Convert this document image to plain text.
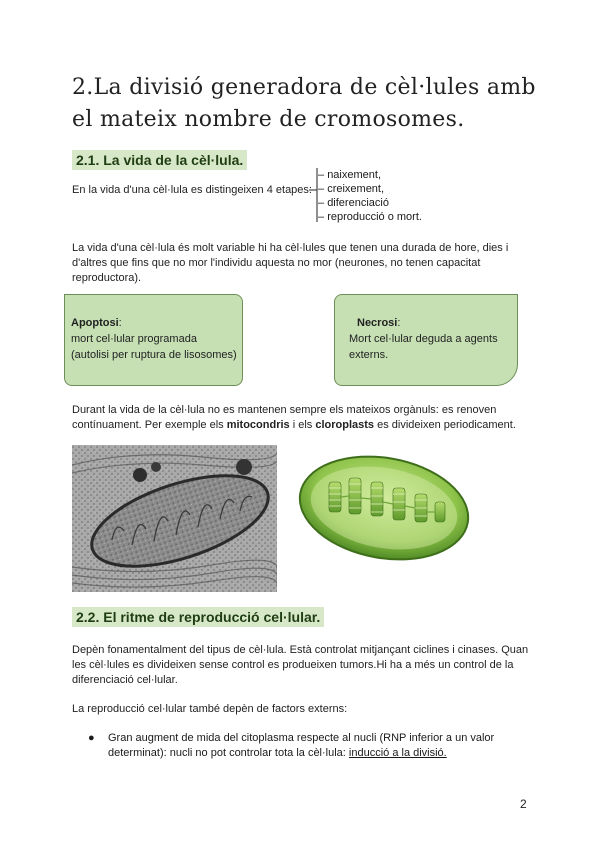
2.La divisió generadora de cèl·lules amb el mateix nombre de cromosomes.
2.1. La vida de la cèl·lula.
En la vida d'una cèl·lula es distingeixen 4 etapes:
– naixement,
– creixement,
– diferenciació
– reproducció o mort.
La vida d'una cèl·lula és molt variable hi ha cèl·lules que tenen una durada de hore, dies i d'altres que fins que no mor l'individu aquesta no mor (neurones, no tenen capacitat reproductora).
Apoptosi:
mort cel·lular programada
(autolisi per ruptura de lisosomes)
Necrosi:
Mort cel·lular deguda a agents
externs.
Durant la vida de la cèl·lula no es mantenen sempre els mateixos orgànuls: es renoven contínuament. Per exemple els mitocondris i els cloroplasts es divideixen periodicament.
2.2. El ritme de reproducció cel·lular.
Depèn fonamentalment del tipus de cèl·lula. Està controlat mitjançant ciclines i cinases. Quan les cèl·lules es divideixen sense control es produeixen tumors.Hi ha a més un control de la diferenciació cel·lular.
La reproducció cel·lular també depèn de factors externs:
● Gran augment de mida del citoplasma respecte al nucli (RNP inferior a un valor determinat): nucli no pot controlar tota la cèl·lula: inducció a la divisió.
2
